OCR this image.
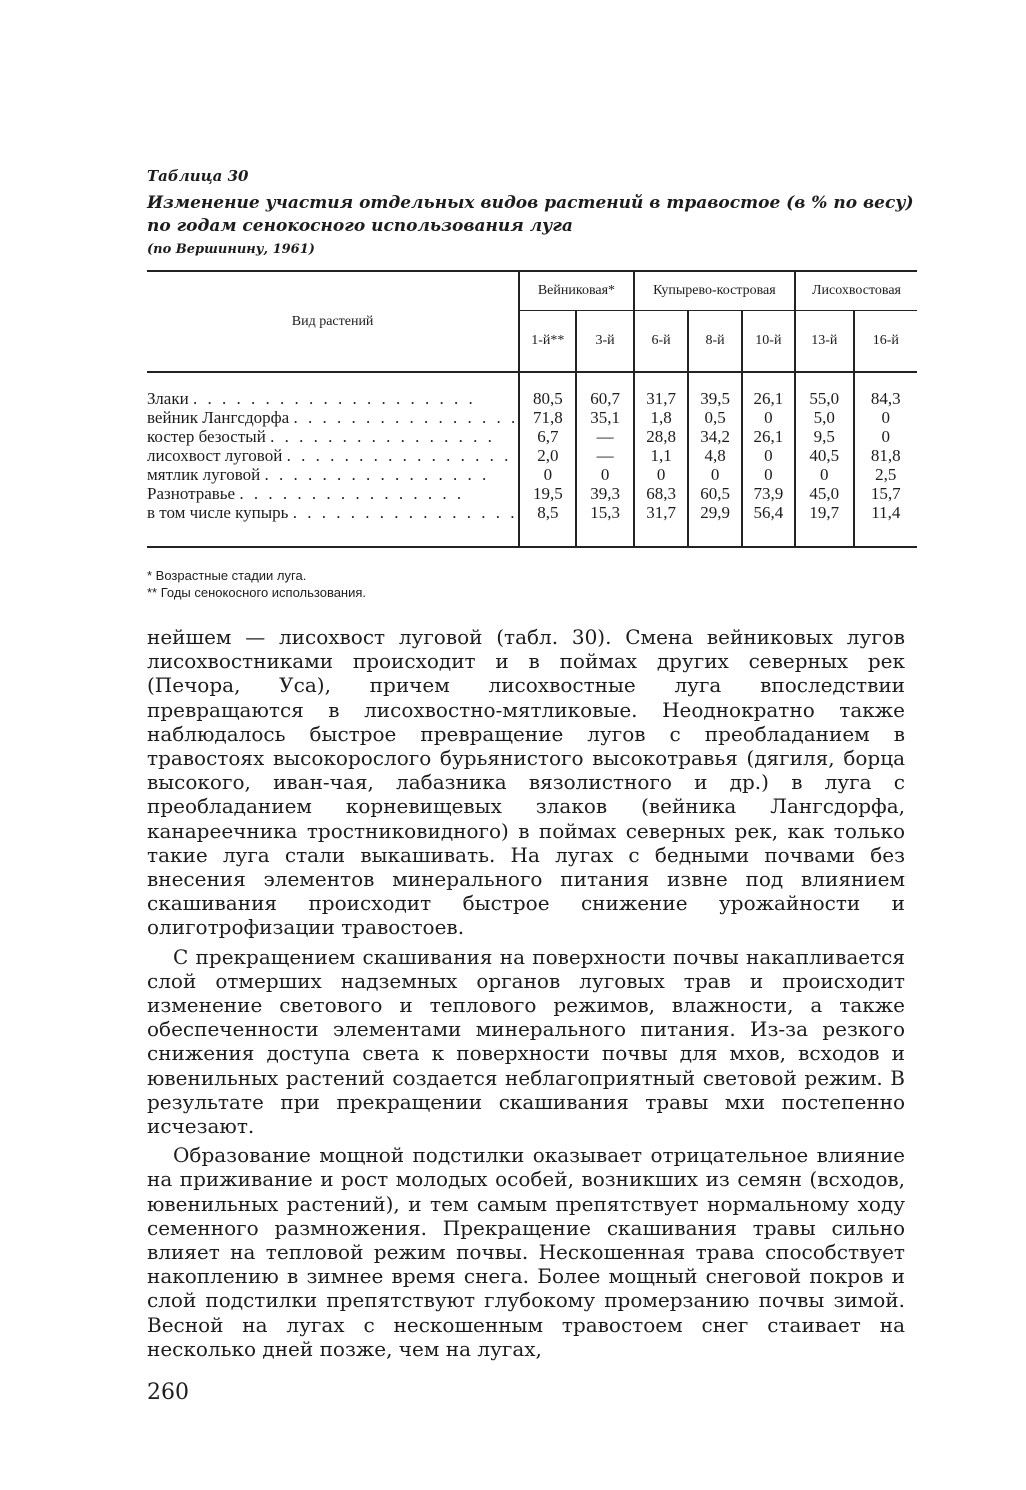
Таблица 30
Изменение участия отдельных видов растений в травостое (в % по весу) по годам сенокосного использования луга
(по Вершинину, 1961)
Вид растений	Вейниковая*		Купырево-костровая			Лисохвостовая	
	1-й**	3-й	6-й	8-й	10-й	13-й	16-й

Злаки . . . . . . . . . . . . . . . . . . . .	80,5	60,7	31,7	39,5	26,1	55,0	84,3

вейник Лангсдорфа . . . . . . . . . . . . . . . .	71,8	35,1	1,8	0,5	0	5,0	0

костер безостый . . . . . . . . . . . . . . . .	6,7	—	28,8	34,2	26,1	9,5	0

лисохвост луговой . . . . . . . . . . . . . . . .	2,0	—	1,1	4,8	0	40,5	81,8

мятлик луговой . . . . . . . . . . . . . . . .	0	0	0	0	0	0	2,5

Разнотравье . . . . . . . . . . . . . . . .	19,5	39,3	68,3	60,5	73,9	45,0	15,7

в том числе купырь . . . . . . . . . . . . . . . .	8,5	15,3	31,7	29,9	56,4	19,7	11,4

* Возрастные стадии луга.
** Годы сенокосного использования.

нейшем — лисохвост луговой (табл. 30). Смена вейниковых лугов лисохвостниками происходит и в поймах других северных рек (Печора, Уса), причем лисохвостные луга впоследствии превращаются в лисохвостно-мятликовые. Неоднократно также наблюдалось быстрое превращение лугов с преобладанием в травостоях высокорослого бурьянистого высокотравья (дягиля, борца высокого, иван-чая, лабазника вязолистного и др.) в луга с преобладанием корневищевых злаков (вейника Лангсдорфа, канареечника тростниковидного) в поймах северных рек, как только такие луга стали выкашивать. На лугах с бедными почвами без внесения элементов минерального питания извне под влиянием скашивания происходит быстрое снижение урожайности и олиготрофизации травостоев.

С прекращением скашивания на поверхности почвы накапливается слой отмерших надземных органов луговых трав и происходит изменение светового и теплового режимов, влажности, а также обеспеченности элементами минерального питания. Из-за резкого снижения доступа света к поверхности почвы для мхов, всходов и ювенильных растений создается неблагоприятный световой режим. В результате при прекращении скашивания травы мхи постепенно исчезают.

Образование мощной подстилки оказывает отрицательное влияние на приживание и рост молодых особей, возникших из семян (всходов, ювенильных растений), и тем самым препятствует нормальному ходу семенного размножения. Прекращение скашивания травы сильно влияет на тепловой режим почвы. Нескошенная трава способствует накоплению в зимнее время снега. Более мощный снеговой покров и слой подстилки препятствуют глубокому промерзанию почвы зимой. Весной на лугах с нескошенным травостоем снег стаивает на несколько дней позже, чем на лугах,

260
